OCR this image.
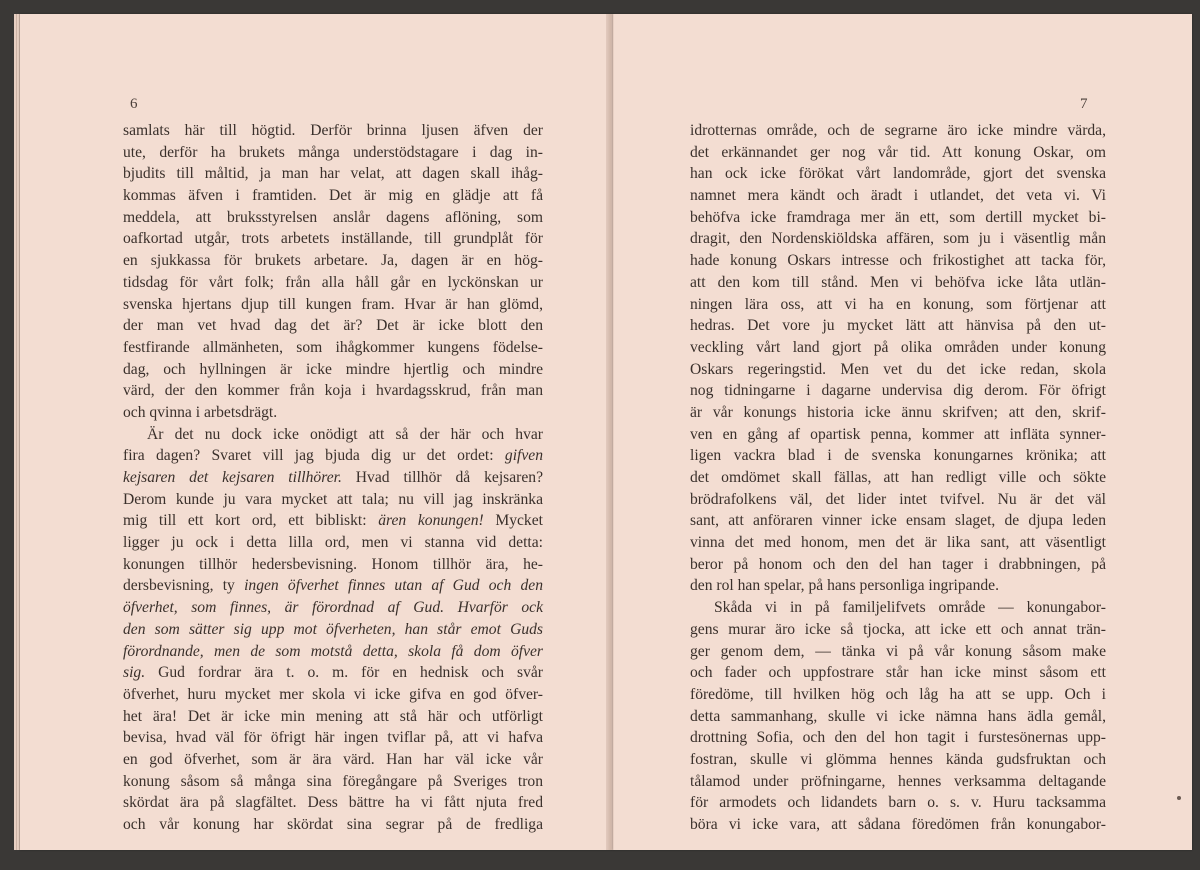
6
samlats här till högtid. Derför brinna ljusen äfven der
ute, derför ha brukets många understödstagare i dag in-
bjudits till måltid, ja man har velat, att dagen skall ihåg-
kommas äfven i framtiden. Det är mig en glädje att få
meddela, att bruksstyrelsen anslår dagens aflöning, som
oafkortad utgår, trots arbetets inställande, till grundplåt för
en sjukkassa för brukets arbetare. Ja, dagen är en hög-
tidsdag för vårt folk; från alla håll går en lyckönskan ur
svenska hjertans djup till kungen fram. Hvar är han glömd,
der man vet hvad dag det är? Det är icke blott den
festfirande allmänheten, som ihågkommer kungens födelse-
dag, och hyllningen är icke mindre hjertlig och mindre
värd, der den kommer från koja i hvardagsskrud, från man
och qvinna i arbetsdrägt.
Är det nu dock icke onödigt att så der här och hvar
fira dagen? Svaret vill jag bjuda dig ur det ordet: gifven
kejsaren det kejsaren tillhörer. Hvad tillhör då kejsaren?
Derom kunde ju vara mycket att tala; nu vill jag inskränka
mig till ett kort ord, ett bibliskt: ären konungen! Mycket
ligger ju ock i detta lilla ord, men vi stanna vid detta:
konungen tillhör hedersbevisning. Honom tillhör ära, he-
dersbevisning, ty ingen öfverhet finnes utan af Gud och den
öfverhet, som finnes, är förordnad af Gud. Hvarför ock
den som sätter sig upp mot öfverheten, han står emot Guds
förordnande, men de som motstå detta, skola få dom öfver
sig. Gud fordrar ära t. o. m. för en hednisk och svår
öfverhet, huru mycket mer skola vi icke gifva en god öfver-
het ära! Det är icke min mening att stå här och utförligt
bevisa, hvad väl för öfrigt här ingen tviflar på, att vi hafva
en god öfverhet, som är ära värd. Han har väl icke vår
konung såsom så många sina föregångare på Sveriges tron
skördat ära på slagfältet. Dess bättre ha vi fått njuta fred
och vår konung har skördat sina segrar på de fredliga
7
idrotternas område, och de segrarne äro icke mindre värda,
det erkännandet ger nog vår tid. Att konung Oskar, om
han ock icke förökat vårt landområde, gjort det svenska
namnet mera kändt och äradt i utlandet, det veta vi. Vi
behöfva icke framdraga mer än ett, som dertill mycket bi-
dragit, den Nordenskiöldska affären, som ju i väsentlig mån
hade konung Oskars intresse och frikostighet att tacka för,
att den kom till stånd. Men vi behöfva icke låta utlän-
ningen lära oss, att vi ha en konung, som förtjenar att
hedras. Det vore ju mycket lätt att hänvisa på den ut-
veckling vårt land gjort på olika områden under konung
Oskars regeringstid. Men vet du det icke redan, skola
nog tidningarne i dagarne undervisa dig derom. För öfrigt
är vår konungs historia icke ännu skrifven; att den, skrif-
ven en gång af opartisk penna, kommer att infläta synner-
ligen vackra blad i de svenska konungarnes krönika; att
det omdömet skall fällas, att han redligt ville och sökte
brödrafolkens väl, det lider intet tvifvel. Nu är det väl
sant, att anföraren vinner icke ensam slaget, de djupa leden
vinna det med honom, men det är lika sant, att väsentligt
beror på honom och den del han tager i drabbningen, på
den rol han spelar, på hans personliga ingripande.
Skåda vi in på familjelifvets område — konungabor-
gens murar äro icke så tjocka, att icke ett och annat trän-
ger genom dem, — tänka vi på vår konung såsom make
och fader och uppfostrare står han icke minst såsom ett
föredöme, till hvilken hög och låg ha att se upp. Och i
detta sammanhang, skulle vi icke nämna hans ädla gemål,
drottning Sofia, och den del hon tagit i furstesönernas upp-
fostran, skulle vi glömma hennes kända gudsfruktan och
tålamod under pröfningarne, hennes verksamma deltagande
för armodets och lidandets barn o. s. v. Huru tacksamma
böra vi icke vara, att sådana föredömen från konungabor-
